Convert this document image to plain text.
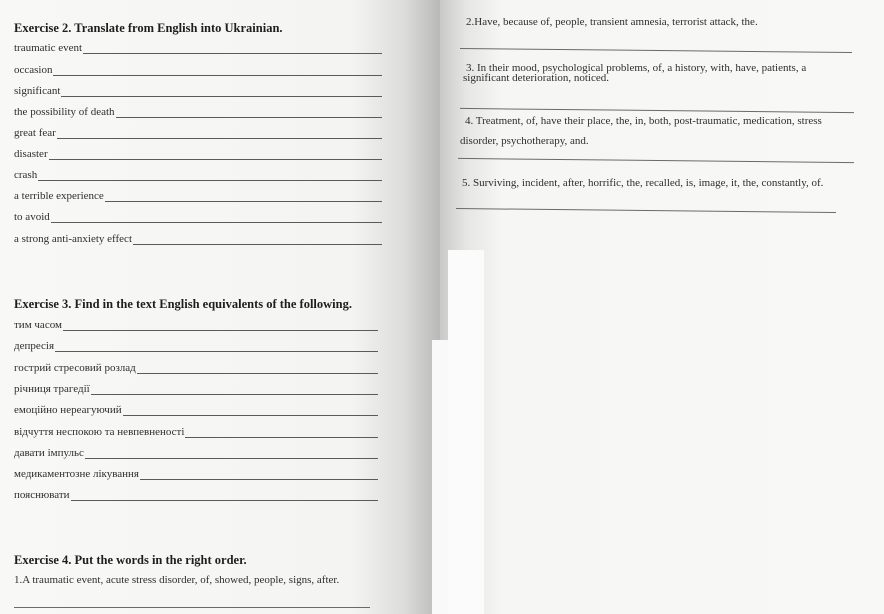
Exercise 2. Translate from English into Ukrainian.
traumatic event
occasion
significant
the possibility of death
great fear
disaster
crash
a terrible experience
to avoid
a strong anti-anxiety effect
Exercise 3. Find in the text English equivalents of the following.
тим часом
депресія
гострий стресовий розлад
річниця трагедії
емоційно нереагуючий
відчуття неспокою та невпевненості
давати імпульс
медикаментозне лікування
пояснювати
Exercise 4. Put the words in the right order.
1.A traumatic event, acute stress disorder, of, showed, people, signs, after.
2.Have, because of, people, transient amnesia, terrorist attack, the.
3. In their mood, psychological problems, of, a history, with, have, patients, a
significant deterioration, noticed.
4. Treatment, of, have their place, the, in, both, post-traumatic, medication, stress
disorder, psychotherapy, and.
5. Surviving, incident, after, horrific, the, recalled, is, image, it, the, constantly, of.
